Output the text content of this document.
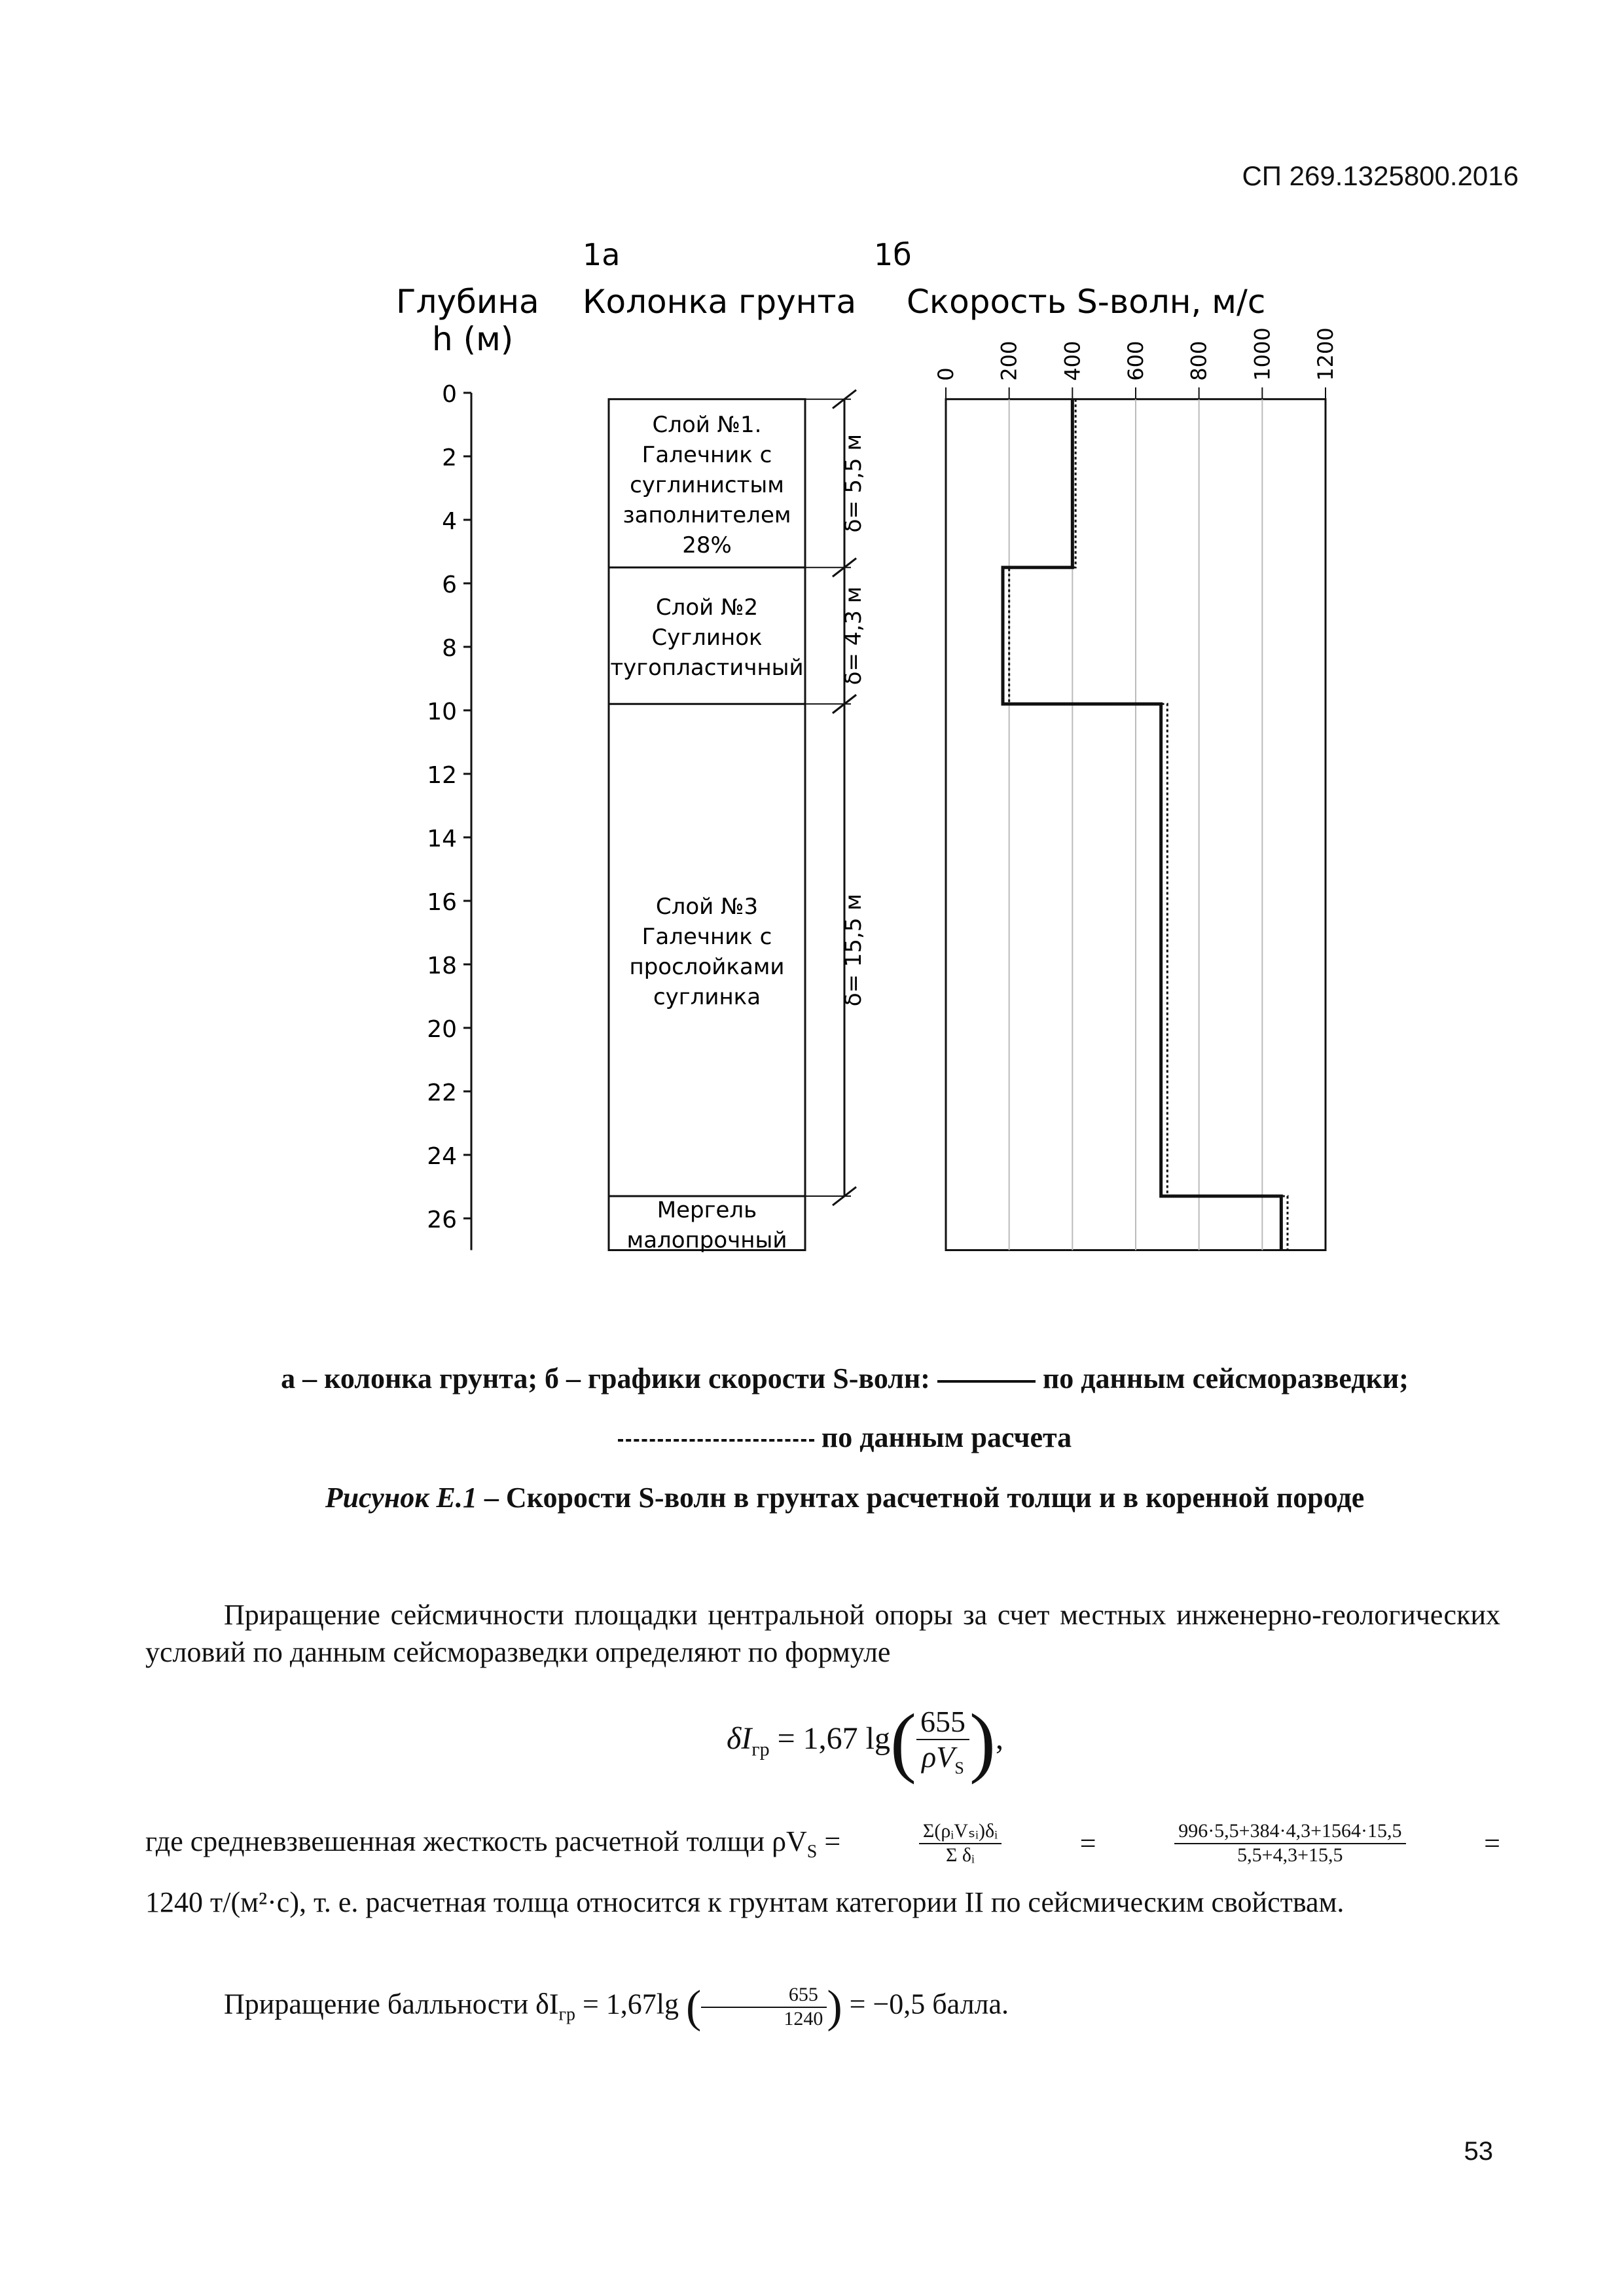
СП 269.1325800.2016
1а	1б
Глубина
h (м)
Колонка грунта Скорость S-волн, м/с
0
2
4
6
8
10
12
14
16
18
20
22
24
26
Слой №1.
Галечник с
суглинистым
заполнителем
28%
δ= 5,5 м
Слой №2
Суглинок
тугопластичный δ= 4,3 м
Слой №3
Галечник с
прослойками
суглинка	δ= 15,5 м
Мергель
малопрочный
0 200 400 600 800 1000 1200
а – колонка грунта; б – графики скорости S-волн:	по данным сейсморазведки;
по данным расчета
Рисунок Е.1 – Скорости S-волн в грунтах расчетной толщи и в коренной породе
Приращение сейсмичности площадки центральной опоры за счет местных инженерно-геологических условий по данным сейсморазведки определяют по формуле
$\delta I_{гр} = 1,67$ $\lg( \frac{655}{\rho V_S}$ ),
где средневзвешенная жесткость расчетной толщи $\rho V_S$ =	$\frac{\text{Σ(ρᵢVₛᵢ)δᵢ}}{\text{Σ δᵢ}}$	=	$\frac{996\cdot 5,5+384\cdot 4,3+1564\cdot 15,5}{5,5+4,3+15,5}$	=
1240 т/(м²·с), т. е. расчетная толща относится к грунтам категории II по сейсмическим свойствам.
Приращение балльности $\delta I_{гр} = 1,67\lg$ ( $\frac{655}{1240}$ ) = −0,5 балла.
53
